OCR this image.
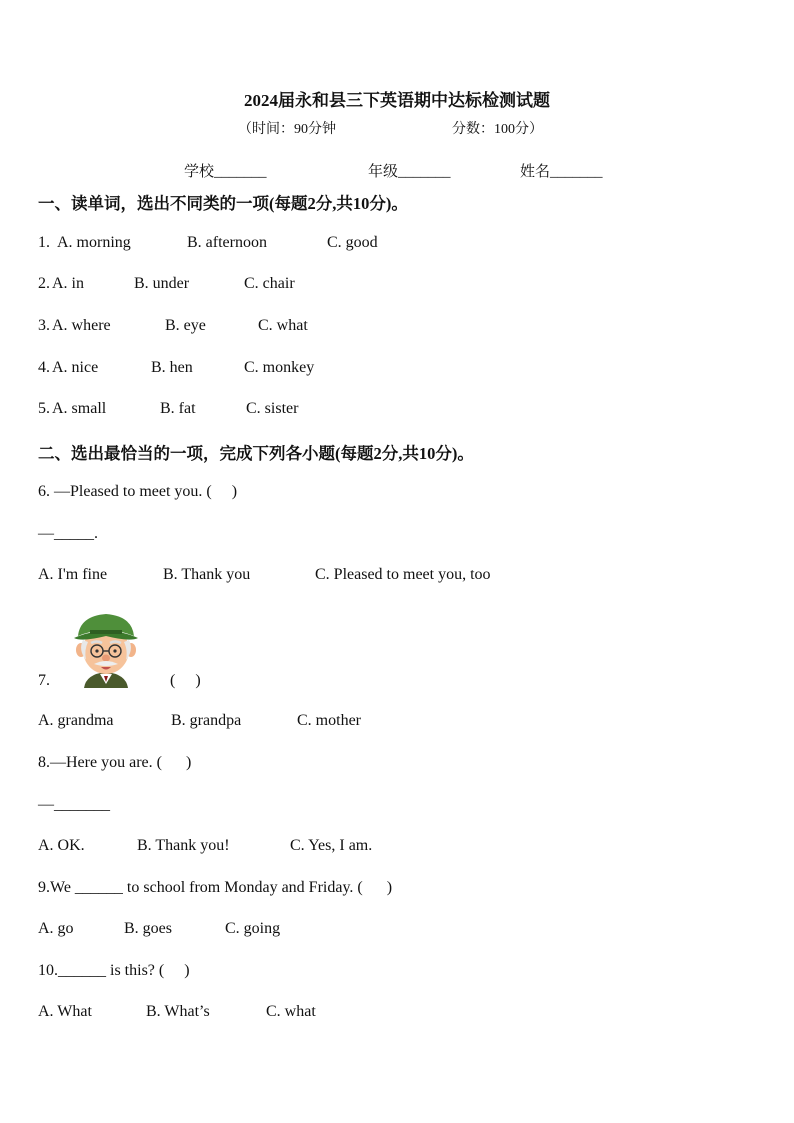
2024届永和县三下英语期中达标检测试题
（时间：90分钟	分数：100分）
学校_______	年级_______	姓名_______
一、读单词，选出不同类的一项(每题2分,共10分)。
1. A. morning	B. afternoon	C. good
2. A. in	B. under	C. chair
3. A. where	B. eye	C. what
4. A. nice	B. hen	C. monkey
5. A. small	B. fat	C. sister
二、选出最恰当的一项，完成下列各小题(每题2分,共10分)。
6. —Pleased to meet you. (     )
—_____.
A. I'm fine	B. Thank you	C. Pleased to meet you, too
7.	(     )
A. grandma	B. grandpa	C. mother
8.—Here you are. (      )
—_______
A. OK.	B. Thank you!	C. Yes, I am.
9.We ______ to school from Monday and Friday. (      )
A. go	B. goes	C. going
10.______ is this? (     )
A. What	B. What’s	C. what
